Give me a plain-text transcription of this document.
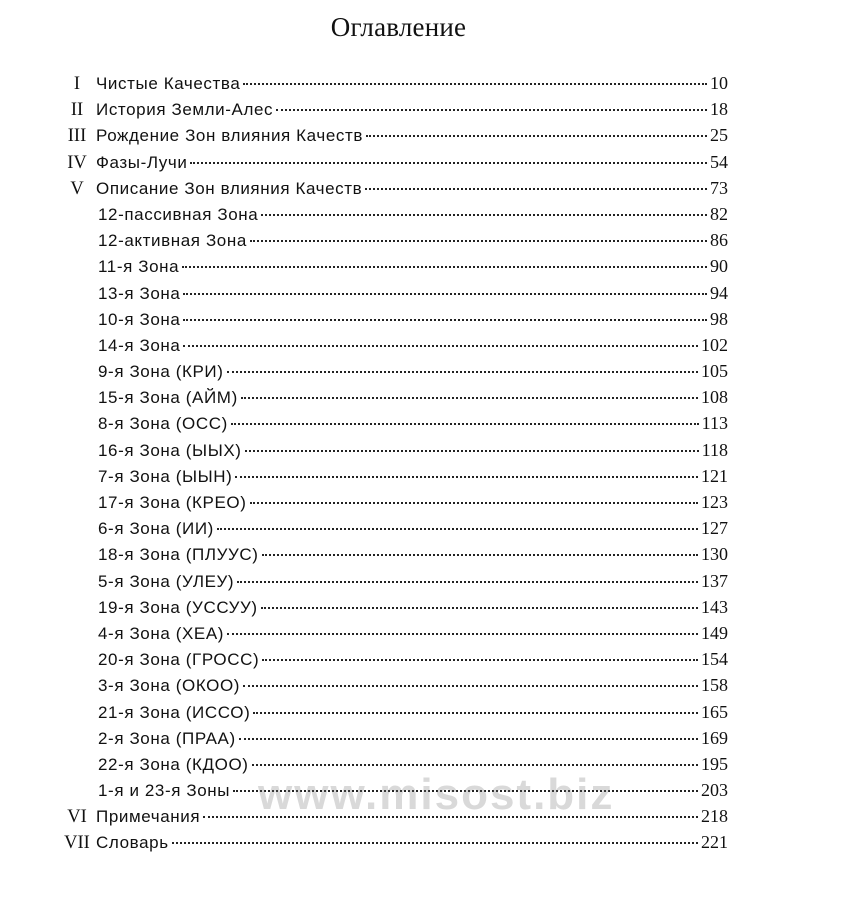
Оглавление
I Чистые Качества	10
II История Земли-Алес	18
III Рождение Зон влияния Качеств	25
IV Фазы-Лучи	54
V Описание Зон влияния Качеств	73
12-пассивная Зона	82
12-активная Зона	86
11-я Зона	90
13-я Зона	94
10-я Зона	98
14-я Зона	102
9-я Зона (КРИ)	105
15-я Зона (АЙМ)	108
8-я Зона (ОСС)	113
16-я Зона (ЫЫХ)	118
7-я Зона (ЫЫН)	121
17-я Зона (КРЕО)	123
6-я Зона (ИИ)	127
18-я Зона (ПЛУУС)	130
5-я Зона (УЛЕУ)	137
19-я Зона (УССУУ)	143
4-я Зона (ХЕА)	149
20-я Зона (ГРОСС)	154
3-я Зона (ОКОО)	158
21-я Зона (ИССО)	165
2-я Зона (ПРАА)	169
22-я Зона (КДОО)	195
1-я и 23-я Зоны	203
VI Примечания	218
VII Словарь	221
www.misost.biz
